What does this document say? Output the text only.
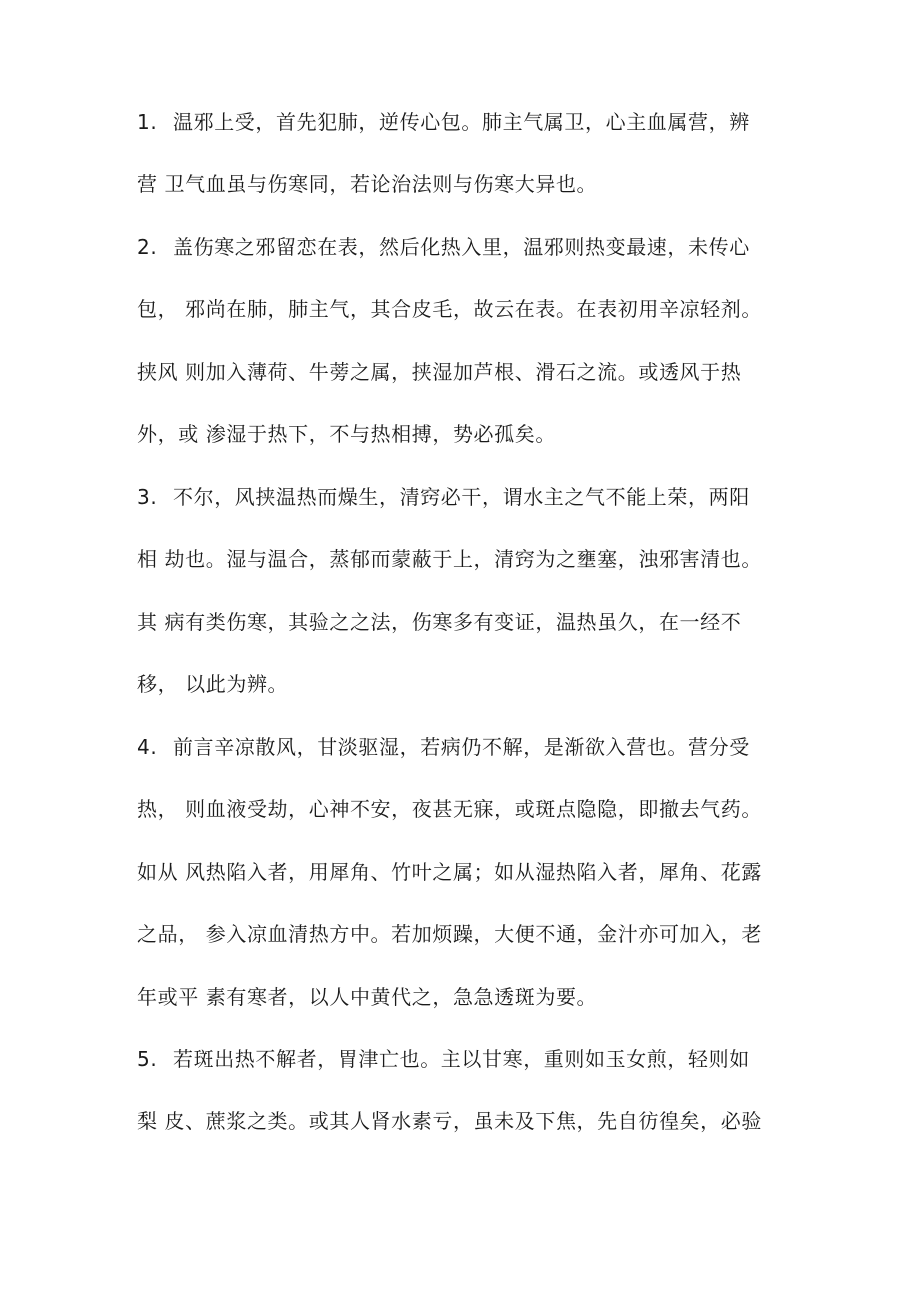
1. 温邪上受，首先犯肺，逆传心包。肺主气属卫，心主血属营，辨
营 卫气血虽与伤寒同，若论治法则与伤寒大异也。
2. 盖伤寒之邪留恋在表，然后化热入里，温邪则热变最速，未传心
包， 邪尚在肺，肺主气，其合皮毛，故云在表。在表初用辛凉轻剂。
挟风 则加入薄荷、牛蒡之属，挟湿加芦根、滑石之流。或透风于热
外，或 渗湿于热下，不与热相搏，势必孤矣。
3. 不尔，风挟温热而燥生，清窍必干，谓水主之气不能上荣，两阳
相 劫也。湿与温合，蒸郁而蒙蔽于上，清窍为之壅塞，浊邪害清也。
其 病有类伤寒，其验之之法，伤寒多有变证，温热虽久，在一经不
移， 以此为辨。
4. 前言辛凉散风，甘淡驱湿，若病仍不解，是渐欲入营也。营分受
热， 则血液受劫，心神不安，夜甚无寐，或斑点隐隐，即撤去气药。
如从 风热陷入者，用犀角、竹叶之属；如从湿热陷入者，犀角、花露
之品， 参入凉血清热方中。若加烦躁，大便不通，金汁亦可加入，老
年或平 素有寒者，以人中黄代之，急急透斑为要。
5. 若斑出热不解者，胃津亡也。主以甘寒，重则如玉女煎，轻则如
梨 皮、蔗浆之类。或其人肾水素亏，虽未及下焦，先自彷徨矣，必验
